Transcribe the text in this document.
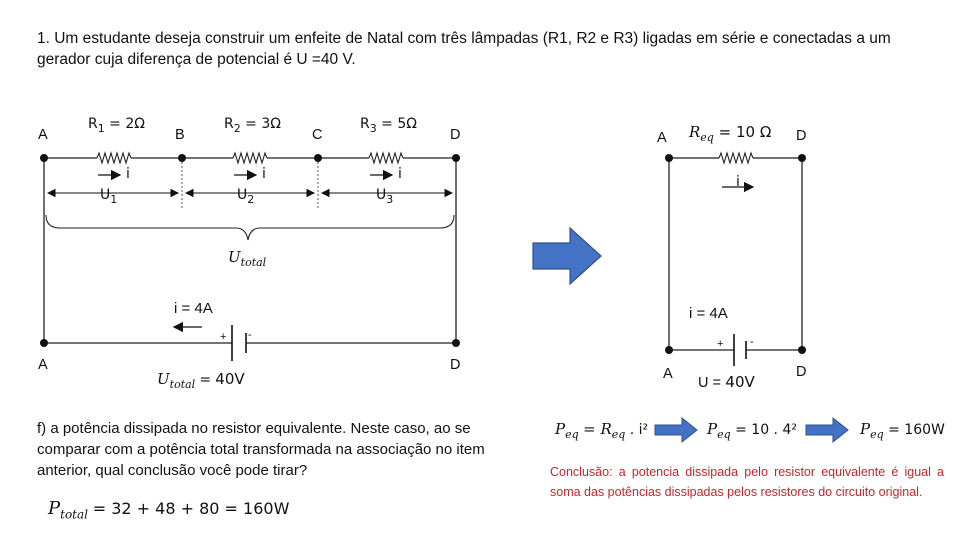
1. Um estudante deseja construir um enfeite de Natal com três lâmpadas (R1, R2 e R3) ligadas em série e conectadas a um gerador cuja diferença de potencial é U =40 V.
A	B	C	D
$R_1 = 2\Omega$	$R_2 = 3\Omega$	$R_3 = 5\Omega$
i	i	i
$U_1$	$U_2$	$U_3$
$U_{total}$
i = 4A
+ -
A	D
$U_{total} = 40V$
A	D
$R_{eq} = 10$ Ω
i
i = 4A
+ -
A	D
U = 40V
f) a potência dissipada no resistor equivalente. Neste caso, ao se comparar com a potência total transformada na associação no item anterior, qual conclusão você pode tirar?
$P_{total} = 32 + 48 + 80 = 160W$
$P_{eq} = R_{eq}$ . i²	$P_{eq} = 10$ . 4²	$P_{eq} = 160W$
Conclusão: a potencia dissipada pelo resistor equivalente é igual a soma das potências dissipadas pelos resistores do circuito original.
